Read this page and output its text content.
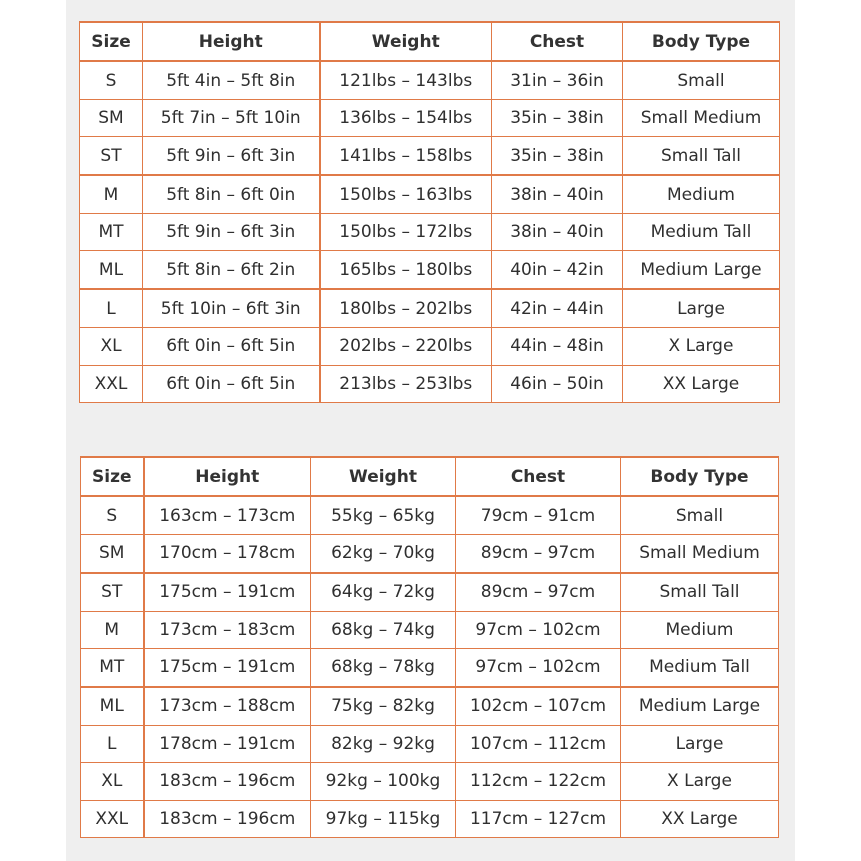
Size	Height	Weight	Chest	Body Type
S	5ft 4in – 5ft 8in	121lbs – 143lbs	31in – 36in	Small
SM	5ft 7in – 5ft 10in	136lbs – 154lbs	35in – 38in	Small Medium
ST	5ft 9in – 6ft 3in	141lbs – 158lbs	35in – 38in	Small Tall
M	5ft 8in – 6ft 0in	150lbs – 163lbs	38in – 40in	Medium
MT	5ft 9in – 6ft 3in	150lbs – 172lbs	38in – 40in	Medium Tall
ML	5ft 8in – 6ft 2in	165lbs – 180lbs	40in – 42in	Medium Large
L	5ft 10in – 6ft 3in	180lbs – 202lbs	42in – 44in	Large
XL	6ft 0in – 6ft 5in	202lbs – 220lbs	44in – 48in	X Large
XXL	6ft 0in – 6ft 5in	213lbs – 253lbs	46in – 50in	XX Large
Size	Height	Weight	Chest	Body Type
S	163cm – 173cm	55kg – 65kg	79cm – 91cm	Small
SM	170cm – 178cm	62kg – 70kg	89cm – 97cm	Small Medium
ST	175cm – 191cm	64kg – 72kg	89cm – 97cm	Small Tall
M	173cm – 183cm	68kg – 74kg	97cm – 102cm	Medium
MT	175cm – 191cm	68kg – 78kg	97cm – 102cm	Medium Tall
ML	173cm – 188cm	75kg – 82kg	102cm – 107cm	Medium Large
L	178cm – 191cm	82kg – 92kg	107cm – 112cm	Large
XL	183cm – 196cm	92kg – 100kg	112cm – 122cm	X Large
XXL	183cm – 196cm	97kg – 115kg	117cm – 127cm	XX Large
